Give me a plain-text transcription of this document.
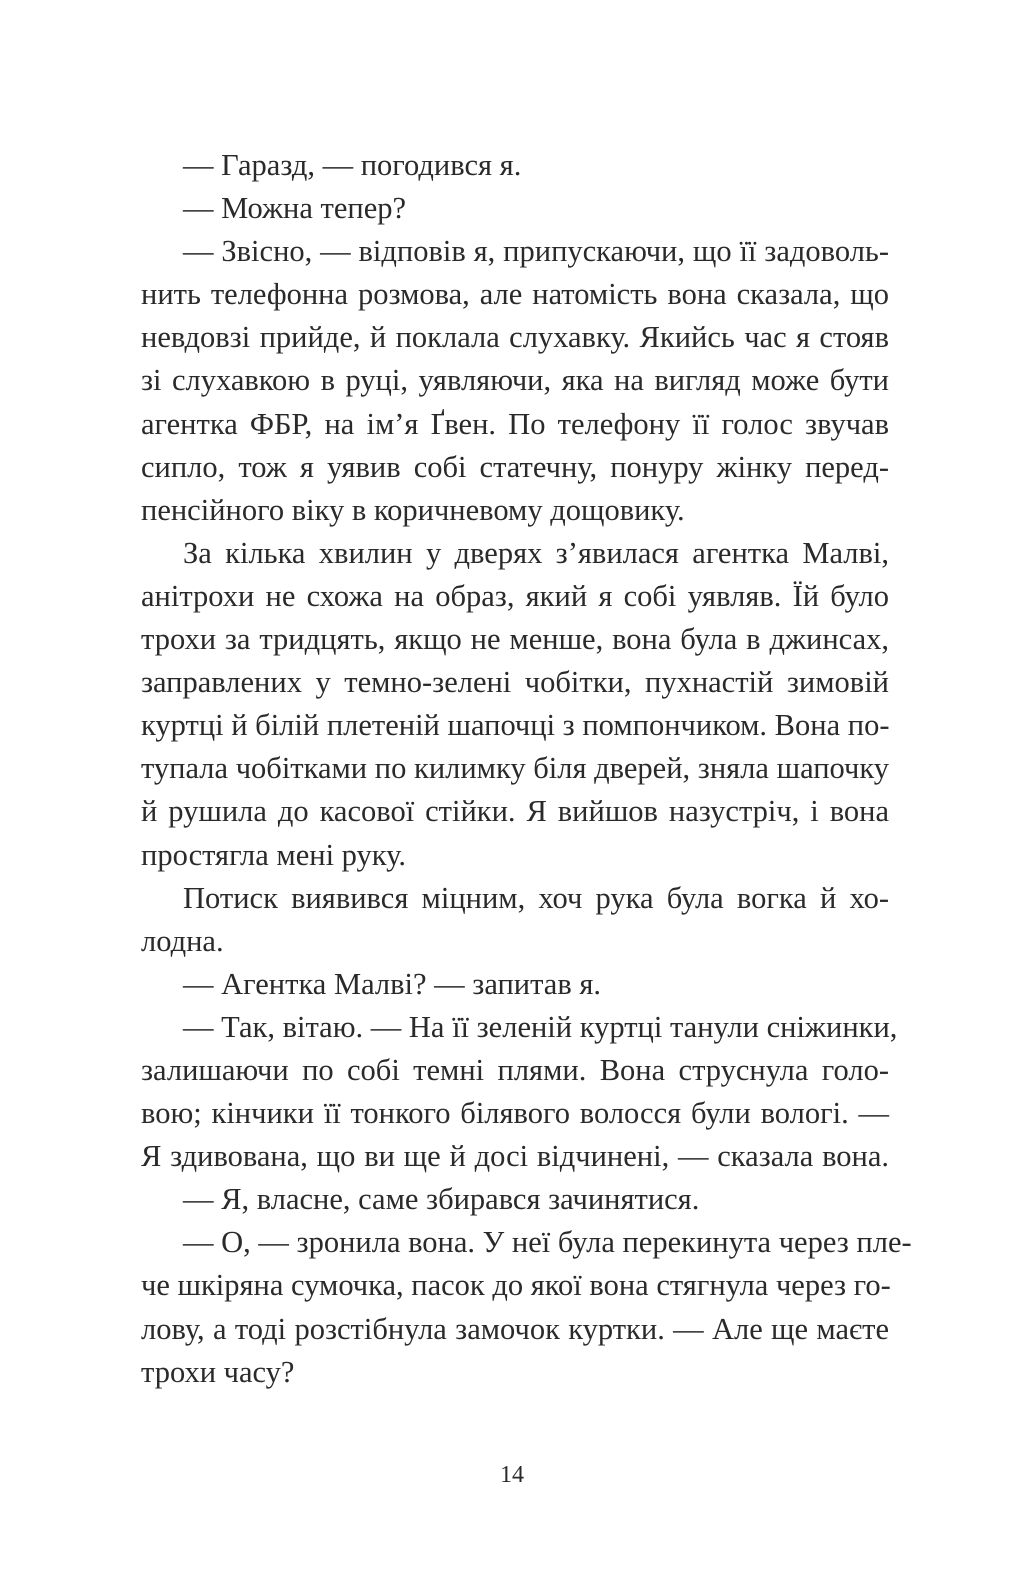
— Гаразд, — погодився я.
— Можна тепер?
— Звісно, — відповів я, припускаючи, що її задоволь-
нить телефонна розмова, але натомість вона сказала, що
невдовзі прийде, й поклала слухавку. Якийсь час я стояв
зі слухавкою в руці, уявляючи, яка на вигляд може бути
агентка ФБР, на ім’я Ґвен. По телефону її голос звучав
сипло, тож я уявив собі статечну, понуру жінку перед-
пенсійного віку в коричневому дощовику.
За кілька хвилин у дверях з’явилася агентка Малві,
анітрохи не схожа на образ, який я собі уявляв. Їй було
трохи за тридцять, якщо не менше, вона була в джинсах,
заправлених у темно-зелені чобітки, пухнастій зимовій
куртці й білій плетеній шапочці з помпончиком. Вона по-
тупала чобітками по килимку біля дверей, зняла шапочку
й рушила до касової стійки. Я вийшов назустріч, і вона
простягла мені руку.
Потиск виявився міцним, хоч рука була вогка й хо-
лодна.
— Агентка Малві? — запитав я.
— Так, вітаю. — На її зеленій куртці танули сніжинки,
залишаючи по собі темні плями. Вона струснула голо-
вою; кінчики її тонкого білявого волосся були вологі. —
Я здивована, що ви ще й досі відчинені, — сказала вона.
— Я, власне, саме збирався зачинятися.
— О, — зронила вона. У неї була перекинута через пле-
че шкіряна сумочка, пасок до якої вона стягнула через го-
лову, а тоді розстібнула замочок куртки. — Але ще маєте
трохи часу?
14
